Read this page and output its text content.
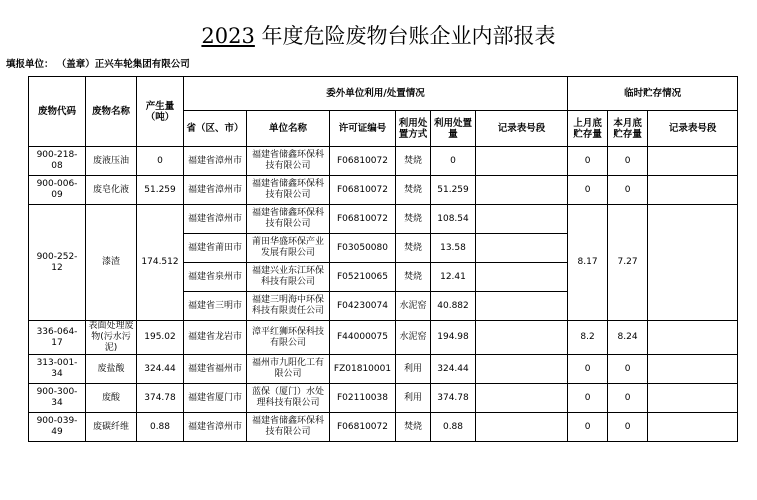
2023 年度危险废物台账企业内部报表
填报单位： （盖章）正兴车轮集团有限公司
废物代码	废物名称	产生量（吨）	委外单位利用/处置情况						临时贮存情况		
			省（区、市）	单位名称	许可证编号	利用处置方式	利用处置量	记录表号段	上月底贮存量	本月底贮存量	记录表号段
900-218-08	废液压油	0	福建省漳州市	福建省储鑫环保科技有限公司	F06810072	焚烧	0		0	0	
900-006-09	废皂化液	51.259	福建省漳州市	福建省储鑫环保科技有限公司	F06810072	焚烧	51.259		0	0	
900-252-12	漆渣	174.512	福建省漳州市	福建省储鑫环保科技有限公司	F06810072	焚烧	108.54		8.17	7.27	
			福建省莆田市	莆田华盛环保产业发展有限公司	F03050080	焚烧	13.58				
			福建省泉州市	福建兴业东江环保科技有限公司	F05210065	焚烧	12.41				
			福建省三明市	福建三明海中环保科技有限责任公司	F04230074	水泥窑	40.882				
336-064-17	表面处理废物(污水污泥)	195.02	福建省龙岩市	漳平红狮环保科技有限公司	F44000075	水泥窑	194.98		8.2	8.24	
313-001-34	废盐酸	324.44	福建省福州市	福州市九阳化工有限公司	FZ01810001	利用	324.44		0	0	
900-300-34	废酸	374.78	福建省厦门市	蓝保（厦门）水处理科技有限公司	F02110038	利用	374.78		0	0	
900-039-49	废碳纤维	0.88	福建省漳州市	福建省储鑫环保科技有限公司	F06810072	焚烧	0.88		0	0	
